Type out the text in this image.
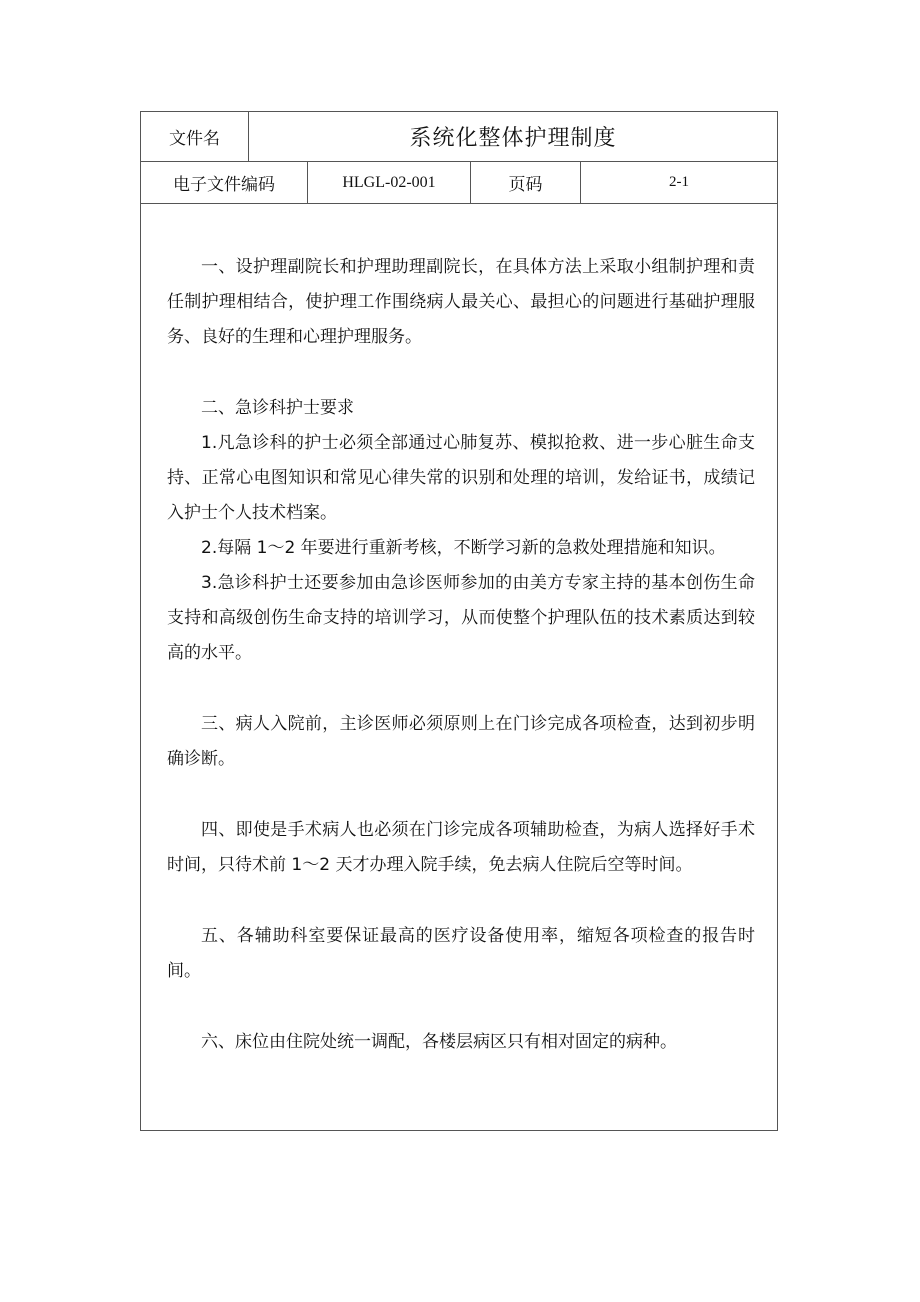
文件名	系统化整体护理制度
电子文件编码	HLGL-02-001	页码	2-1

一、设护理副院长和护理助理副院长，在具体方法上采取小组制护理和责任制护理相结合，使护理工作围绕病人最关心、最担心的问题进行基础护理服务、良好的生理和心理护理服务。

二、急诊科护士要求

1.凡急诊科的护士必须全部通过心肺复苏、模拟抢救、进一步心脏生命支持、正常心电图知识和常见心律失常的识别和处理的培训，发给证书，成绩记入护士个人技术档案。

2.每隔 1～2 年要进行重新考核，不断学习新的急救处理措施和知识。

3.急诊科护士还要参加由急诊医师参加的由美方专家主持的基本创伤生命支持和高级创伤生命支持的培训学习，从而使整个护理队伍的技术素质达到较高的水平。

三、病人入院前，主诊医师必须原则上在门诊完成各项检查，达到初步明确诊断。

四、即使是手术病人也必须在门诊完成各项辅助检查，为病人选择好手术时间，只待术前 1～2 天才办理入院手续，免去病人住院后空等时间。

五、各辅助科室要保证最高的医疗设备使用率，缩短各项检查的报告时间。

六、床位由住院处统一调配，各楼层病区只有相对固定的病种。
